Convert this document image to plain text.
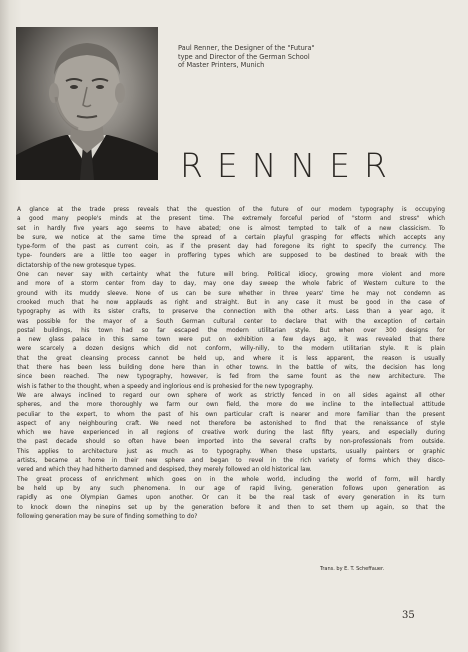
Paul Renner, the Designer of the "Futura"
type and Director of the German School
of Master Printers, Munich
RENNER
A glance at the trade press reveals that the question of the future of our modern typography is occupying
a good many people's minds at the present time. The extremely forceful period of "storm and stress" which
set in hardly five years ago seems to have abated; one is almost tempted to talk of a new classicism. To
be sure, we notice at the same time the spread of a certain playful grasping for effects which accepts any
type-form of the past as current coin, as if the present day had foregone its right to specify the currency. The
type- founders are a little too eager in proffering types which are supposed to be destined to break with the
dictatorship of the new grotesque types.
One can never say with certainty what the future will bring. Political idiocy, growing more violent and more
and more of a storm center from day to day, may one day sweep the whole fabric of Western culture to the
ground with its muddy sleeve. None of us can be sure whether in three years' time he may not condemn as
crooked much that he now applauds as right and straight. But in any case it must be good in the case of
typography as with its sister crafts, to preserve the connection with the other arts. Less than a year ago, it
was possible for the mayor of a South German cultural center to declare that with the exception of certain
postal buildings, his town had so far escaped the modern utilitarian style. But when over 300 designs for
a new glass palace in this same town were put on exhibition a few days ago, it was revealed that there
were scarcely a dozen designs which did not conform, willy-nilly, to the modern utilitarian style. It is plain
that the great cleansing process cannot be held up, and where it is less apparent, the reason is usually
that there has been less building done here than in other towns. In the battle of wits, the decision has long
since been reached. The new typography, however, is fed from the same fount as the new architecture. The
wish is father to the thought, when a speedy and inglorious end is prohesied for the new typography.
We are always inclined to regard our own sphere of work as strictly fenced in on all sides against all other
spheres, and the more thoroughly we farm our own field, the more do we incline to the intellectual attitude
peculiar to the expert, to whom the past of his own particular craft is nearer and more familiar than the present
aspect of any neighbouring craft. We need not therefore be astonished to find that the renaissance of style
which we have experienced in all regions of creative work during the last fifty years, and especially during
the past decade should so often have been imported into the several crafts by non-professionals from outside.
This applies to architecture just as much as to typography. When these upstarts, usually painters or graphic
artists, became at home in their new sphere and began to revel in the rich variety of forms which they disco-
vered and which they had hitherto damned and despised, they merely followed an old historical law.
The great process of enrichment which goes on in the whole world, including the world of form, will hardly
be held up by any such phenomena. In our age of rapid living, generation follows upon generation as
rapidly as one Olympian Games upon another. Or can it be the real task of every generation in its turn
to knock down the ninepins set up by the generation before it and then to set them up again, so that the
following generation may be sure of finding something to do?
Trans. by E. T. Scheffauer.
35
